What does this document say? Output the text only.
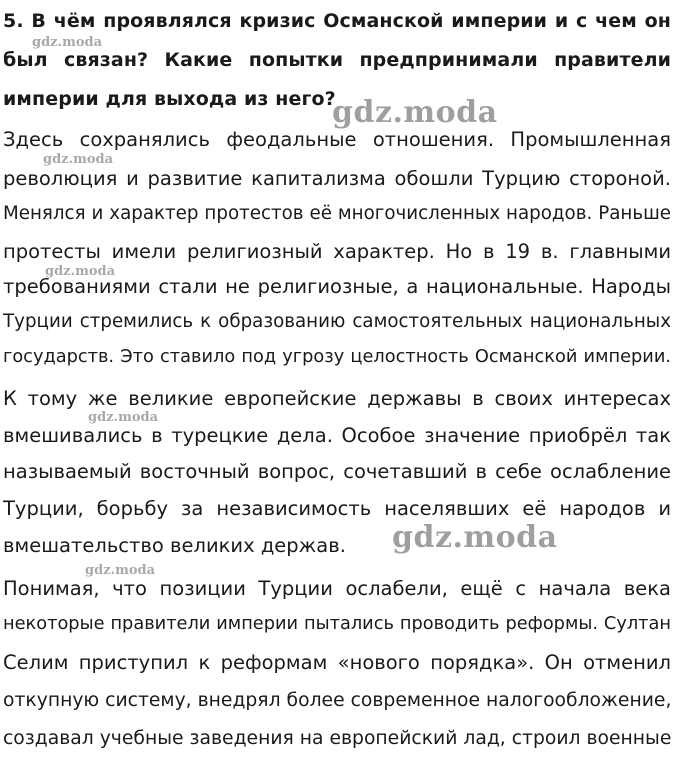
5. В чём проявлялся кризис Османской империи и с чем он
был связан? Какие попытки предпринимали правители
империи для выхода из него?
Здесь сохранялись феодальные отношения. Промышленная
революция и развитие капитализма обошли Турцию стороной.
Менялся и характер протестов её многочисленных народов. Раньше
протесты имели религиозный характер. Но в 19 в. главными
требованиями стали не религиозные, а национальные. Народы
Турции стремились к образованию самостоятельных национальных
государств. Это ставило под угрозу целостность Османской империи.
К тому же великие европейские державы в своих интересах
вмешивались в турецкие дела. Особое значение приобрёл так
называемый восточный вопрос, сочетавший в себе ослабление
Турции, борьбу за независимость населявших её народов и
вмешательство великих держав.
Понимая, что позиции Турции ослабели, ещё с начала века
некоторые правители империи пытались проводить реформы. Султан
Селим приступил к реформам «нового порядка». Он отменил
откупную систему, внедрял более современное налогообложение,
создавал учебные заведения на европейский лад, строил военные
gdz.moda
gdz.moda
gdz.moda
gdz.moda
gdz.moda
gdz.moda
gdz.moda
